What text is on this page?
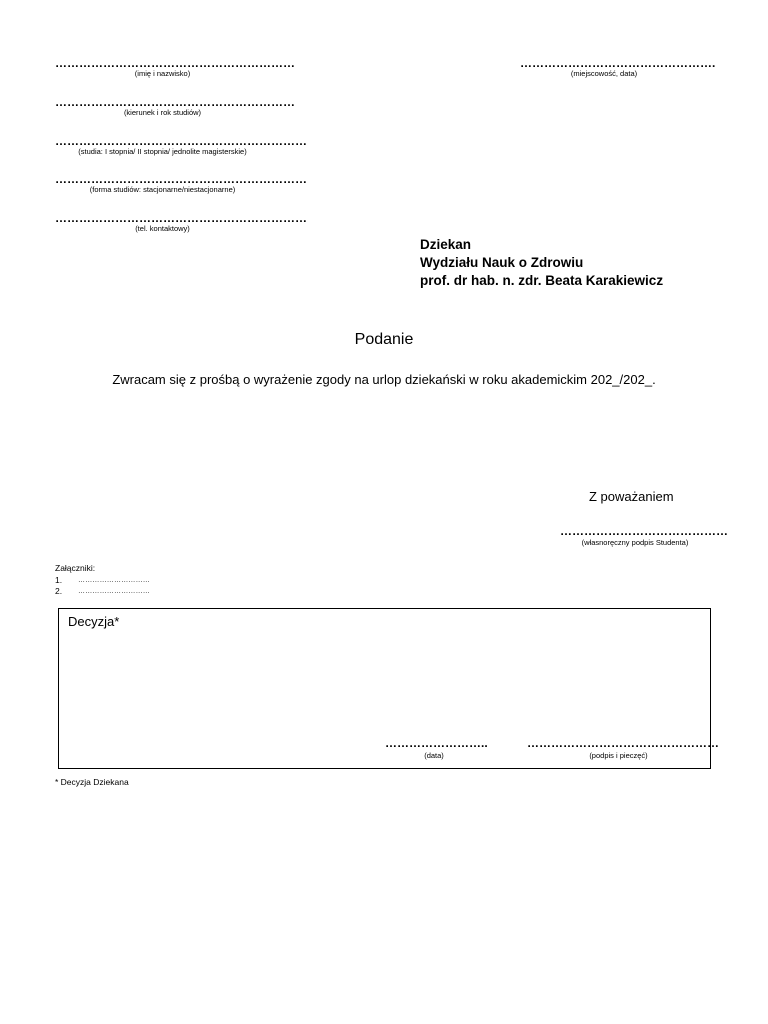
……………………………………………………
(imię i nazwisko)
……………………………………………………
(kierunek i rok studiów)
………………………………………………………
(studia: I stopnia/ II stopnia/ jednolite magisterskie)
………………………………………………………
(forma studiów: stacjonarne/niestacjonarne)
………………………………………………………
(tel. kontaktowy)
………………………………………….
(miejscowość, data)
Dziekan
Wydziału Nauk o Zdrowiu
prof. dr hab. n. zdr. Beata Karakiewicz
Podanie
Zwracam się z prośbą o wyrażenie zgody na urlop dziekański w roku akademickim 202_/202_.
Z poważaniem
……………………………………
(własnoręczny podpis Studenta)
Załączniki:
1. …………………………
2. …………………………
Decyzja*
……………………..
(data)
…………………………………………
(podpis i pieczęć)
* Decyzja Dziekana
